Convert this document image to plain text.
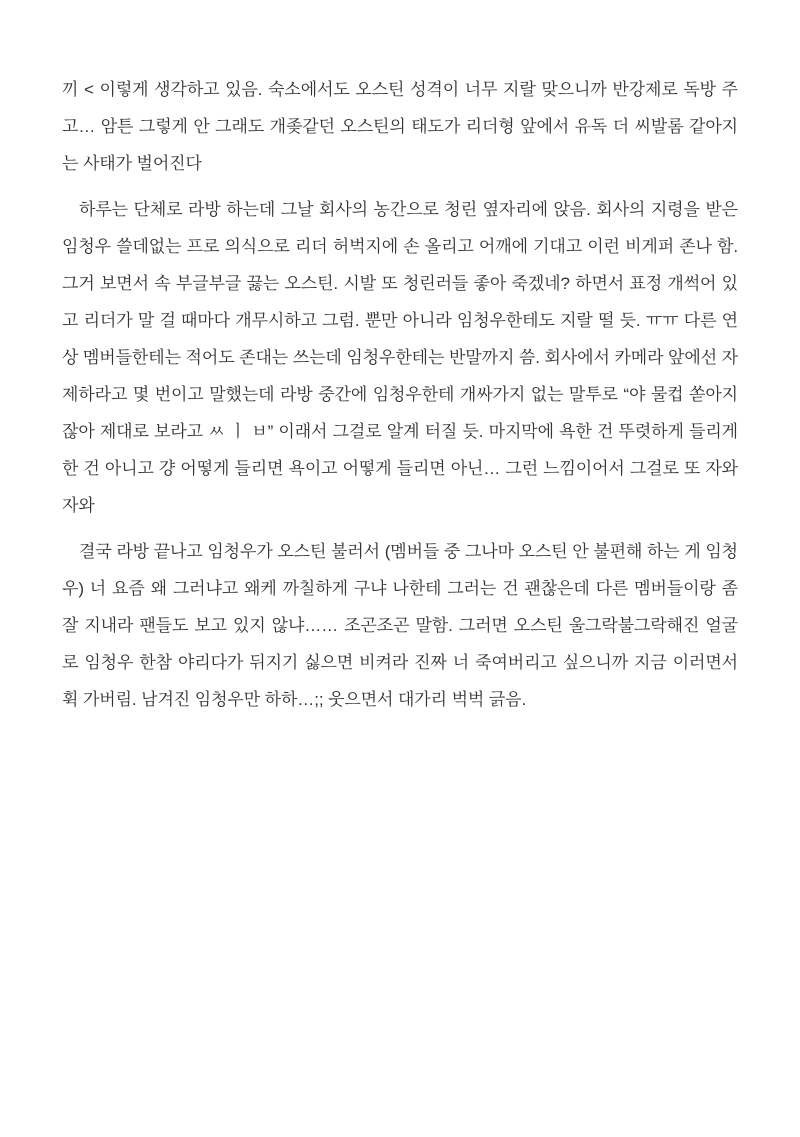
끼 < 이렇게 생각하고 있음. 숙소에서도 오스틴 성격이 너무 지랄 맞으니까 반강제로 독방 주고… 암튼 그렇게 안 그래도 개좆같던 오스틴의 태도가 리더형 앞에서 유독 더 씨발롬 같아지는 사태가 벌어진다

하루는 단체로 라방 하는데 그날 회사의 농간으로 청린 옆자리에 앉음. 회사의 지령을 받은 임청우 쓸데없는 프로 의식으로 리더 허벅지에 손 올리고 어깨에 기대고 이런 비게퍼 존나 함. 그거 보면서 속 부글부글 끓는 오스틴. 시발 또 청린러들 좋아 죽겠네? 하면서 표정 개썩어 있고 리더가 말 걸 때마다 개무시하고 그럼. 뿐만 아니라 임청우한테도 지랄 떨 듯. ㅠㅠ 다른 연상 멤버들한테는 적어도 존대는 쓰는데 임청우한테는 반말까지 씀. 회사에서 카메라 앞에선 자제하라고 몇 번이고 말했는데 라방 중간에 임청우한테 개싸가지 없는 말투로 “야 물컵 쏟아지잖아 제대로 보라고 ㅆ ㅣ ㅂ” 이래서 그걸로 알계 터질 듯. 마지막에 욕한 건 뚜렷하게 들리게 한 건 아니고 걍 어떻게 들리면 욕이고 어떻게 들리면 아닌… 그런 느낌이어서 그걸로 또 자와자와

결국 라방 끝나고 임청우가 오스틴 불러서 (멤버들 중 그나마 오스틴 안 불편해 하는 게 임청우) 너 요즘 왜 그러냐고 왜케 까칠하게 구냐 나한테 그러는 건 괜찮은데 다른 멤버들이랑 좀 잘 지내라 팬들도 보고 있지 않냐…… 조곤조곤 말함. 그러면 오스틴 울그락불그락해진 얼굴로 임청우 한참 야리다가 뒤지기 싫으면 비켜라 진짜 너 죽여버리고 싶으니까 지금 이러면서 휙 가버림. 남겨진 임청우만 하하…;; 웃으면서 대가리 벅벅 긁음.
